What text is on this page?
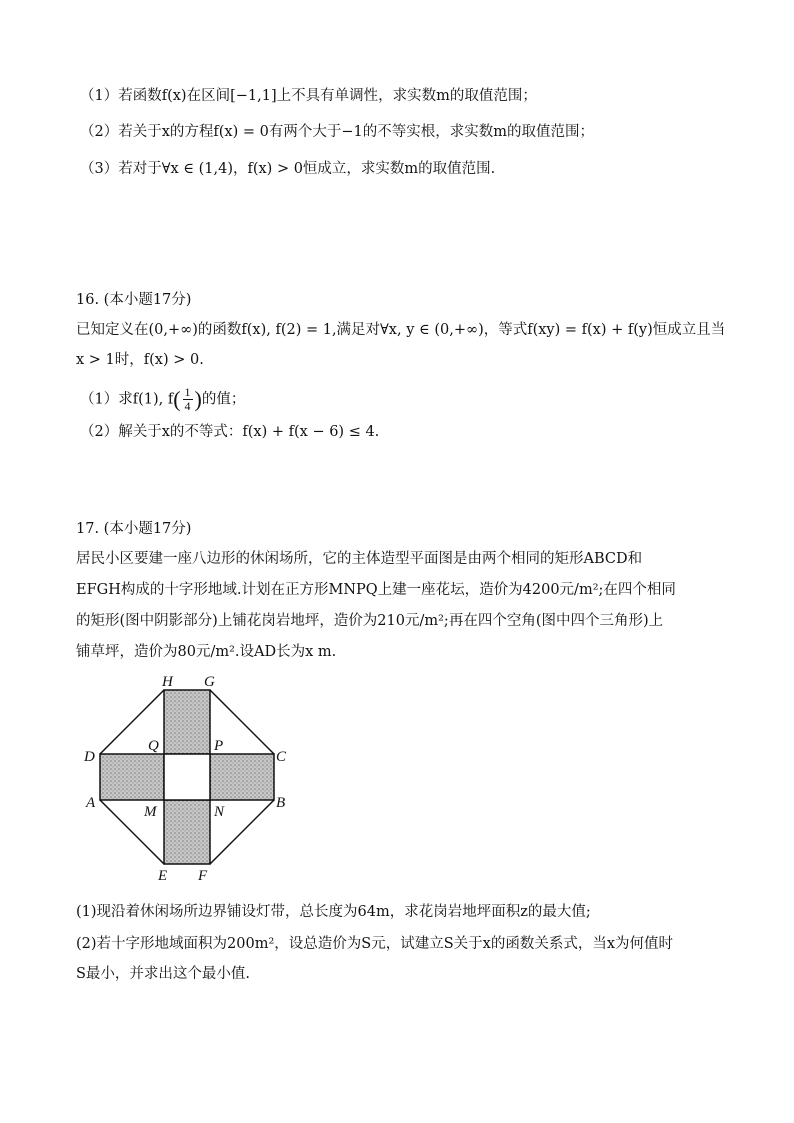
（1）若函数f(x)在区间[−1,1]上不具有单调性，求实数m的取值范围；
（2）若关于x的方程f(x) = 0有两个大于−1的不等实根，求实数m的取值范围；
（3）若对于∀x ∈ (1,4)，f(x) > 0恒成立，求实数m的取值范围.
16. (本小题17分)
已知定义在(0,+∞)的函数f(x), f(2) = 1,满足对∀x, y ∈ (0,+∞)，等式f(xy) = f(x) + f(y)恒成立且当
x > 1时，f(x) > 0.
（1）求f(1), $f( \frac{1}{4}$ )的值；
（2）解关于x的不等式：f(x) + f(x − 6) ≤ 4.
17. (本小题17分)
居民小区要建一座八边形的休闲场所，它的主体造型平面图是由两个相同的矩形ABCD和
EFGH构成的十字形地域.计划在正方形MNPQ上建一座花坛，造价为4200元/m²;在四个相同
的矩形(图中阴影部分)上铺花岗岩地坪，造价为210元/m²;再在四个空角(图中四个三角形)上
铺草坪，造价为80元/m².设AD长为x m.
H G
D	C
A	B
Q	P
M	N
E F
(1)现沿着休闲场所边界铺设灯带，总长度为64m，求花岗岩地坪面积z的最大值;
(2)若十字形地域面积为200m²，设总造价为S元，试建立S关于x的函数关系式，当x为何值时
S最小，并求出这个最小值.
